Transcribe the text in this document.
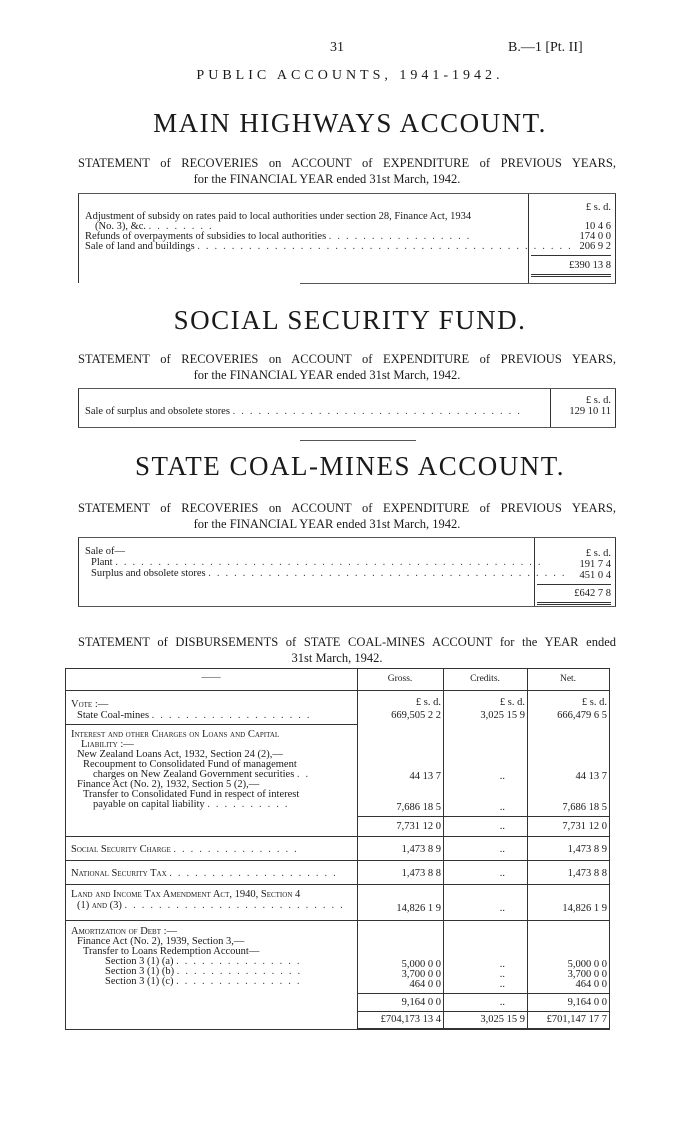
31	B.—1 [Pt. II]
PUBLIC ACCOUNTS, 1941-1942.
MAIN HIGHWAYS ACCOUNT.
STATEMENT of RECOVERIES on ACCOUNT of EXPENDITURE of PREVIOUS YEARS,
for the FINANCIAL YEAR ended 31st March, 1942.
£ s. d.
Adjustment of subsidy on rates paid to local authorities under section 28, Finance Act, 1934
(No. 3), &c. ........	10 4 6
Refunds of overpayments of subsidies to local authorities .................	174 0 0
Sale of land and buildings ............................................ 206 9 2
£390 13 8
SOCIAL SECURITY FUND.
STATEMENT of RECOVERIES on ACCOUNT of EXPENDITURE of PREVIOUS YEARS,
for the FINANCIAL YEAR ended 31st March, 1942.
£ s. d.
Sale of surplus and obsolete stores ..................................	129 10 11
STATE COAL-MINES ACCOUNT.
STATEMENT of RECOVERIES on ACCOUNT of EXPENDITURE of PREVIOUS YEARS,
for the FINANCIAL YEAR ended 31st March, 1942.
Sale of—	£ s. d.
Plant ..................................................	191 7 4
Surplus and obsolete stores .......................................... 451 0 4
£642 7 8
STATEMENT of DISBURSEMENTS of STATE COAL-MINES ACCOUNT for the YEAR ended
31st March, 1942.
——	Gross.	Credits.	Net.
Vote :—	£ s. d.	£ s. d.	£ s. d.
State Coal-mines ...................	669,505 2 2	3,025 15 9	666,479 6 5
Interest and other Charges on Loans and Capital
Liability :—
New Zealand Loans Act, 1932, Section 24 (2),—
Recoupment to Consolidated Fund of management
charges on New Zealand Government securities ..	44 13 7	..	44 13 7
Finance Act (No. 2), 1932, Section 5 (2),—
Transfer to Consolidated Fund in respect of interest
payable on capital liability ..........	7,686 18 5	..	7,686 18 5
7,731 12 0	..	7,731 12 0
Social Security Charge ...............	1,473 8 9	..	1,473 8 9
National Security Tax ....................	1,473 8 8	..	1,473 8 8
Land and Income Tax Amendment Act, 1940, Section 4
(1) and (3) ..........................	14,826 1 9	..	14,826 1 9
Amortization of Debt :—
Finance Act (No. 2), 1939, Section 3,—
Transfer to Loans Redemption Account—
Section 3 (1) (a) ...............	5,000 0 0	..	5,000 0 0
Section 3 (1) (b) ...............	3,700 0 0	..	3,700 0 0
Section 3 (1) (c) ...............	464 0 0	..	464 0 0
9,164 0 0	..	9,164 0 0
£704,173 13 4	3,025 15 9	£701,147 17 7
